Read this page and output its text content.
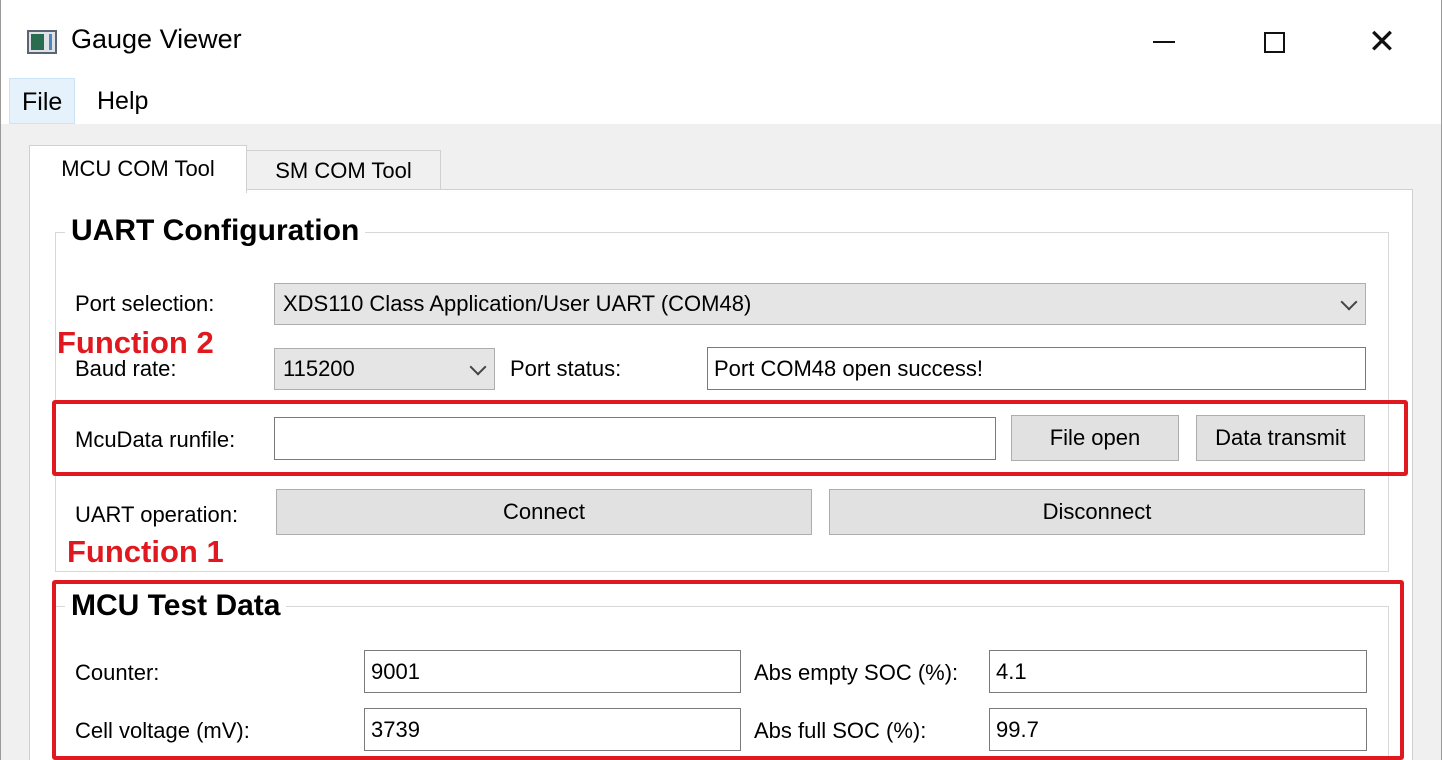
Gauge Viewer	✕
File	Help
MCU COM Tool	SM COM Tool
UART Configuration
Port selection:	XDS110 Class Application/User UART (COM48)
Function 2
Baud rate:	115200	Port status:	Port COM48 open success!
McuData runfile:	File open	Data transmit
UART operation:	Connect	Disconnect
Function 1
MCU Test Data
Counter:	9001	Abs empty SOC (%):	4.1
Cell voltage (mV):	3739	Abs full SOC (%):	99.7
